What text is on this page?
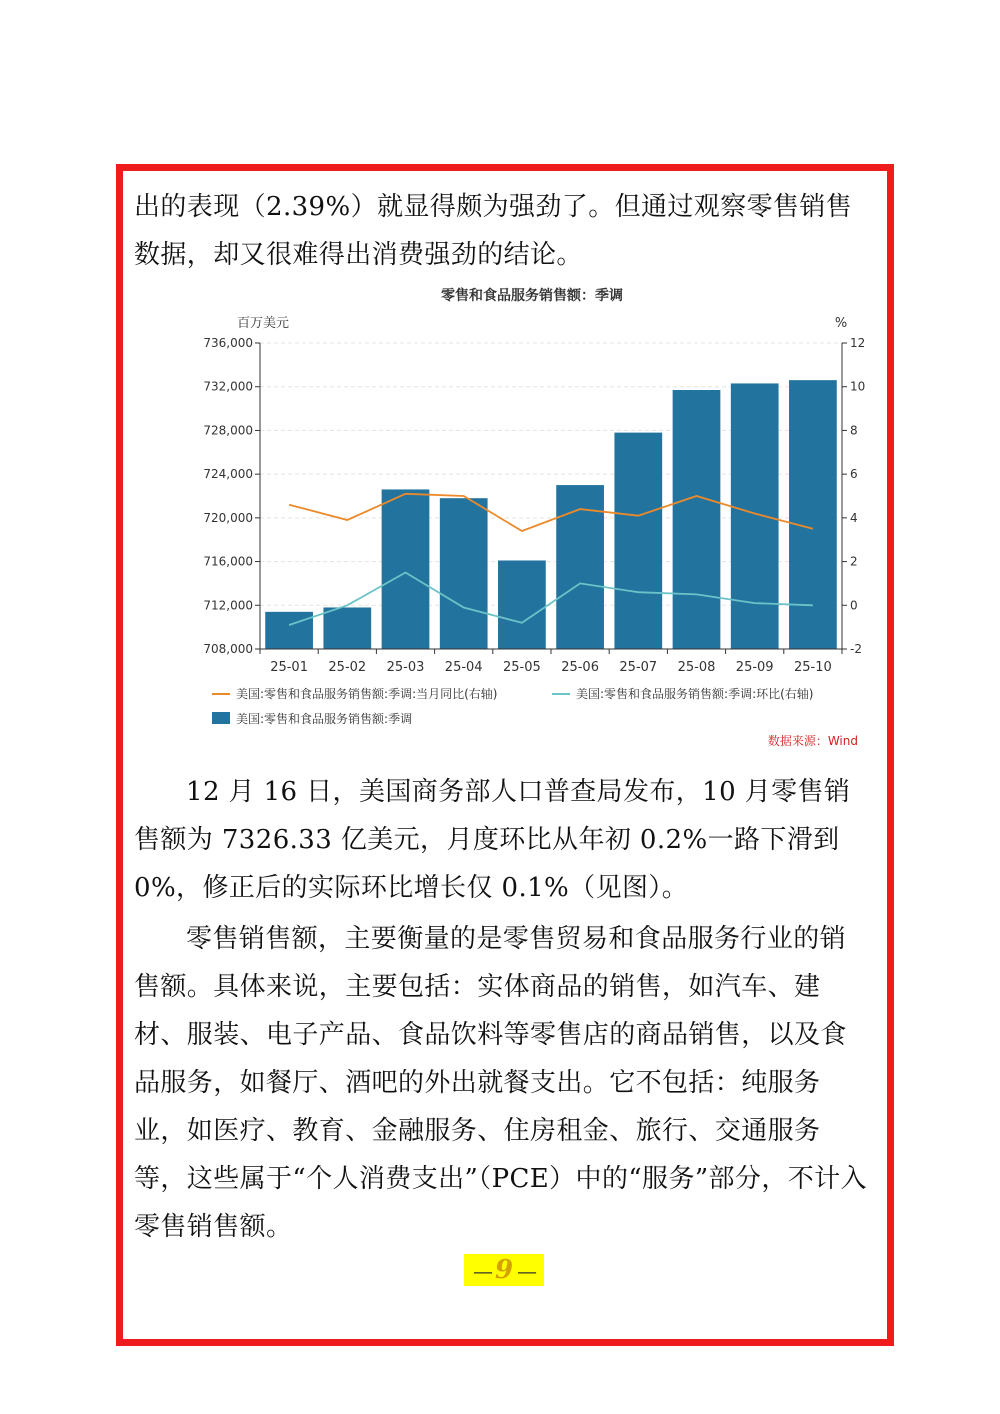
出的表现（2.39%）就显得颇为强劲了。但通过观察零售销售数据，却又很难得出消费强劲的结论。

零售和食品服务销售额：季调
百万美元	%
708,000	-2
712,000	0
716,000	2
720,000	4
724,000	6
728,000	8
732,000	10
736,000	12
25-01 25-02 25-03 25-04 25-05 25-06 25-07 25-08 25-09 25-10
美国:零售和食品服务销售额:季调:当月同比(右轴)	美国:零售和食品服务销售额:季调:环比(右轴)
美国:零售和食品服务销售额:季调
数据来源：Wind

12 月 16 日，美国商务部人口普查局发布，10 月零售销售额为 7326.33 亿美元，月度环比从年初 0.2%一路下滑到 0%，修正后的实际环比增长仅 0.1%（见图）。

零售销售额，主要衡量的是零售贸易和食品服务行业的销售额。具体来说，主要包括：实体商品的销售，如汽车、建材、服装、电子产品、食品饮料等零售店的商品销售，以及食品服务，如餐厅、酒吧的外出就餐支出。它不包括：纯服务业，如医疗、教育、金融服务、住房租金、旅行、交通服务等，这些属于“个人消费支出”（PCE）中的“服务”部分，不计入零售销售额。

— 9 —
